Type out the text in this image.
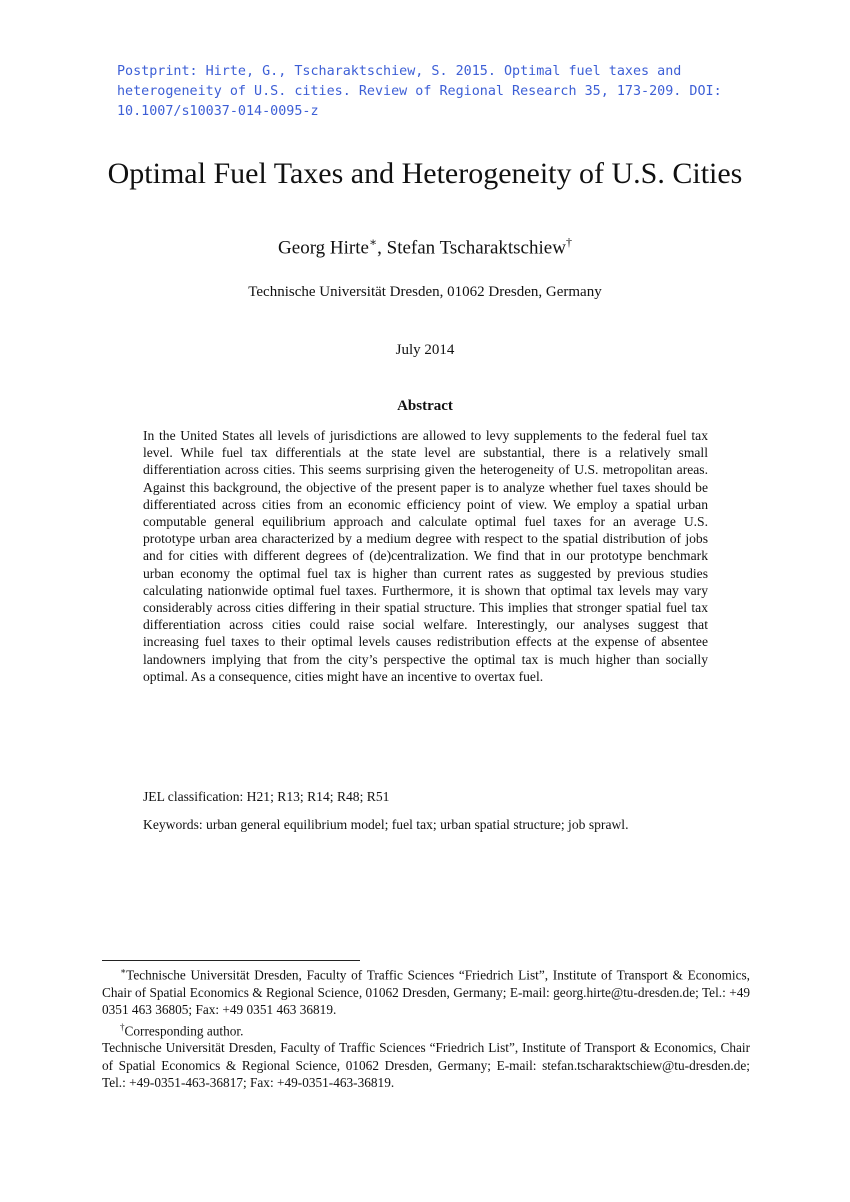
Postprint: Hirte, G., Tscharaktschiew, S. 2015. Optimal fuel taxes and heterogeneity of U.S. cities. Review of Regional Research 35, 173-209. DOI: 10.1007/s10037-014-0095-z
Optimal Fuel Taxes and Heterogeneity of U.S. Cities
Georg Hirte∗, Stefan Tscharaktschiew†
Technische Universität Dresden, 01062 Dresden, Germany
July 2014
Abstract
In the United States all levels of jurisdictions are allowed to levy supplements to the federal fuel tax level. While fuel tax differentials at the state level are substantial, there is a relatively small differentiation across cities. This seems surprising given the heterogeneity of U.S. metropolitan areas. Against this background, the objective of the present paper is to analyze whether fuel taxes should be differentiated across cities from an economic efficiency point of view. We employ a spatial urban computable general equilibrium approach and calculate optimal fuel taxes for an average U.S. prototype urban area characterized by a medium degree with respect to the spatial distribution of jobs and for cities with different degrees of (de)centralization. We find that in our prototype benchmark urban economy the optimal fuel tax is higher than current rates as suggested by previous studies calculating nationwide optimal fuel taxes. Furthermore, it is shown that optimal tax levels may vary considerably across cities differing in their spatial structure. This implies that stronger spatial fuel tax differentiation across cities could raise social welfare. Interestingly, our analyses suggest that increasing fuel taxes to their optimal levels causes redistribution effects at the expense of absentee landowners implying that from the city’s perspective the optimal tax is much higher than socially optimal. As a consequence, cities might have an incentive to overtax fuel.
JEL classification: H21; R13; R14; R48; R51
Keywords: urban general equilibrium model; fuel tax; urban spatial structure; job sprawl.

∗Technische Universität Dresden, Faculty of Traffic Sciences “Friedrich List”, Institute of Transport & Economics, Chair of Spatial Economics & Regional Science, 01062 Dresden, Germany; E-mail: georg.hirte@tu-dresden.de; Tel.: +49 0351 463 36805; Fax: +49 0351 463 36819.

†Corresponding author.

Technische Universität Dresden, Faculty of Traffic Sciences “Friedrich List”, Institute of Transport & Economics, Chair of Spatial Economics & Regional Science, 01062 Dresden, Germany; E-mail: stefan.tscharaktschiew@tu-dresden.de; Tel.: +49-0351-463-36817; Fax: +49-0351-463-36819.
